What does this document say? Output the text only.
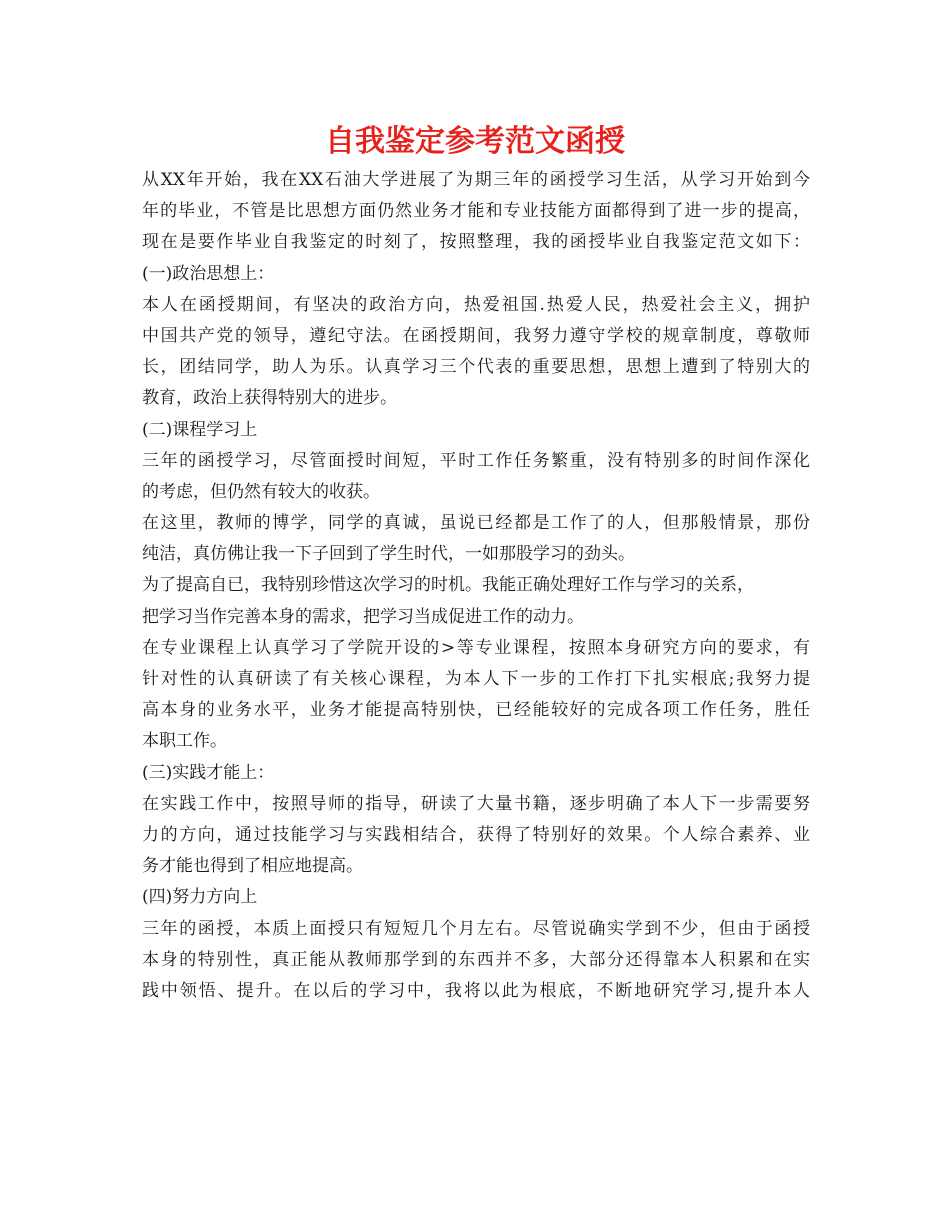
自我鉴定参考范文函授
从XX年开始，我在XX石油大学进展了为期三年的函授学习生活，从学习开始到今
年的毕业，不管是比思想方面仍然业务才能和专业技能方面都得到了进一步的提高，
现在是要作毕业自我鉴定的时刻了，按照整理，我的函授毕业自我鉴定范文如下：
(一)政治思想上：
本人在函授期间，有坚决的政治方向，热爱祖国.热爱人民，热爱社会主义，拥护
中国共产党的领导，遵纪守法。在函授期间，我努力遵守学校的规章制度，尊敬师
长，团结同学，助人为乐。认真学习三个代表的重要思想，思想上遭到了特别大的
教育，政治上获得特别大的进步。
(二)课程学习上
三年的函授学习，尽管面授时间短，平时工作任务繁重，没有特别多的时间作深化
的考虑，但仍然有较大的收获。
在这里，教师的博学，同学的真诚，虽说已经都是工作了的人，但那般情景，那份
纯洁，真仿佛让我一下子回到了学生时代，一如那股学习的劲头。
为了提高自已，我特别珍惜这次学习的时机。我能正确处理好工作与学习的关系，
把学习当作完善本身的需求，把学习当成促进工作的动力。
在专业课程上认真学习了学院开设的>等专业课程，按照本身研究方向的要求，有
针对性的认真研读了有关核心课程，为本人下一步的工作打下扎实根底;我努力提
高本身的业务水平，业务才能提高特别快，已经能较好的完成各项工作任务，胜任
本职工作。
(三)实践才能上：
在实践工作中，按照导师的指导，研读了大量书籍，逐步明确了本人下一步需要努
力的方向，通过技能学习与实践相结合，获得了特别好的效果。个人综合素养、业
务才能也得到了相应地提高。
(四)努力方向上
三年的函授，本质上面授只有短短几个月左右。尽管说确实学到不少，但由于函授
本身的特别性，真正能从教师那学到的东西并不多，大部分还得靠本人积累和在实
践中领悟、提升。在以后的学习中，我将以此为根底，不断地研究学习,提升本人
